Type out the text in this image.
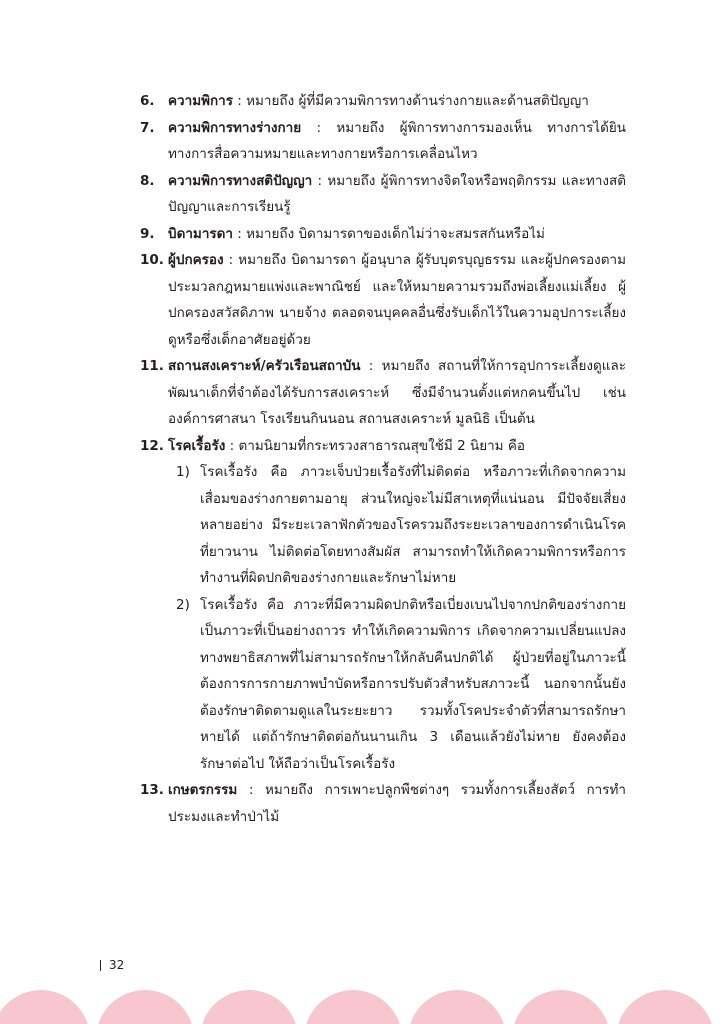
6. ความพิการ : หมายถึง ผู้ที่มีความพิการทางด้านร่างกายและด้านสติปัญญา
7. ความพิการทางร่างกาย : หมายถึง ผู้พิการทางการมองเห็น ทางการได้ยิน ทางการสื่อความหมายและทางกายหรือการเคลื่อนไหว
8. ความพิการทางสติปัญญา : หมายถึง ผู้พิการทางจิตใจหรือพฤติกรรม และทางสติปัญญาและการเรียนรู้
9. บิดามารดา : หมายถึง บิดามารดาของเด็กไม่ว่าจะสมรสกันหรือไม่
10. ผู้ปกครอง : หมายถึง บิดามารดา ผู้อนุบาล ผู้รับบุตรบุญธรรม และผู้ปกครองตามประมวลกฎหมายแพ่งและพาณิชย์ และให้หมายความรวมถึงพ่อเลี้ยงแม่เลี้ยง ผู้ปกครองสวัสดิภาพ นายจ้าง ตลอดจนบุคคลอื่นซึ่งรับเด็กไว้ในความอุปการะเลี้ยงดูหรือซึ่งเด็กอาศัยอยู่ด้วย
11. สถานสงเคราะห์/ครัวเรือนสถาบัน : หมายถึง สถานที่ให้การอุปการะเลี้ยงดูและพัฒนาเด็กที่จำต้องได้รับการสงเคราะห์ ซึ่งมีจำนวนตั้งแต่หกคนขึ้นไป เช่น องค์การศาสนา โรงเรียนกินนอน สถานสงเคราะห์ มูลนิธิ เป็นต้น
12. โรคเรื้อรัง : ตามนิยามที่กระทรวงสาธารณสุขใช้มี 2 นิยาม คือ
1) โรคเรื้อรัง คือ ภาวะเจ็บป่วยเรื้อรังที่ไม่ติดต่อ หรือภาวะที่เกิดจากความเสื่อมของร่างกายตามอายุ ส่วนใหญ่จะไม่มีสาเหตุที่แน่นอน มีปัจจัยเสี่ยงหลายอย่าง มีระยะเวลาฟักตัวของโรครวมถึงระยะเวลาของการดำเนินโรคที่ยาวนาน ไม่ติดต่อโดยทางสัมผัส สามารถทำให้เกิดความพิการหรือการทำงานที่ผิดปกติของร่างกายและรักษาไม่หาย
2) โรคเรื้อรัง คือ ภาวะที่มีความผิดปกติหรือเบี่ยงเบนไปจากปกติของร่างกาย เป็นภาวะที่เป็นอย่างถาวร ทำให้เกิดความพิการ เกิดจากความเปลี่ยนแปลงทางพยาธิสภาพที่ไม่สามารถรักษาให้กลับคืนปกติได้ ผู้ป่วยที่อยู่ในภาวะนี้ต้องการการกายภาพบำบัดหรือการปรับตัวสำหรับสภาวะนี้ นอกจากนั้นยังต้องรักษาติดตามดูแลในระยะยาว รวมทั้งโรคประจำตัวที่สามารถรักษาหายได้ แต่ถ้ารักษาติดต่อกันนานเกิน 3 เดือนแล้วยังไม่หาย ยังคงต้องรักษาต่อไป ให้ถือว่าเป็นโรคเรื้อรัง
13. เกษตรกรรม : หมายถึง การเพาะปลูกพืชต่างๆ รวมทั้งการเลี้ยงสัตว์ การทำประมงและทำป่าไม้
32
